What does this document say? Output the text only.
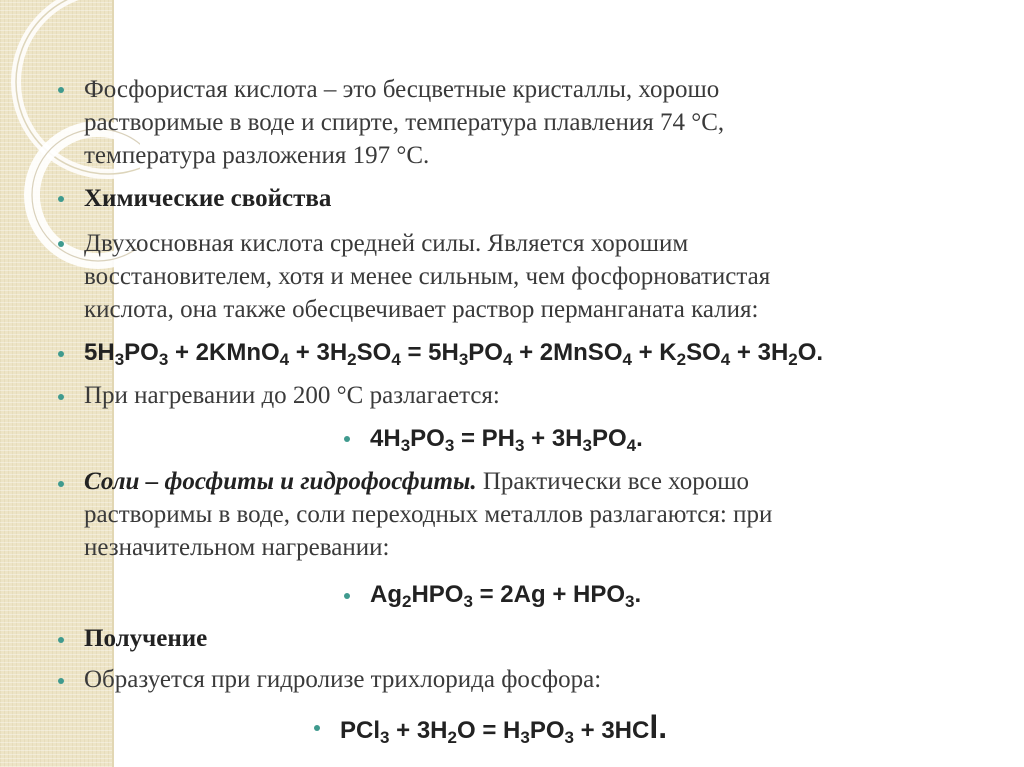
Фосфористая кислота – это бесцветные кристаллы, хорошо
растворимые в воде и спирте, температура плавления 74 °С,
температура разложения 197 °С.
Химические свойства
Двухосновная кислота средней силы. Является хорошим
восстановителем, хотя и менее сильным, чем фосфорноватистая
кислота, она также обесцвечивает раствор перманганата калия:
$5H_3PO_3$ + 2KMnO$_4$ + $3H_2SO_4 = 5H_3PO_4$ + 2MnSO$_4$ + $K_2SO_4 + 3H_2O$.
При нагревании до 200 °С разлагается:
$4H_3PO_3 = PH_3 + 3H_3PO_4$.
Соли – фосфиты и гидрофосфиты. Практически все хорошо
растворимы в воде, соли переходных металлов разлагаются: при
незначительном нагревании:
$Ag_2HPO_3 = 2Ag + HPO_3$.
Получение
Образуется при гидролизе трихлорида фосфора:
$PCl_3 + 3H_2O = H_3PO_3 + 3HCl$.
